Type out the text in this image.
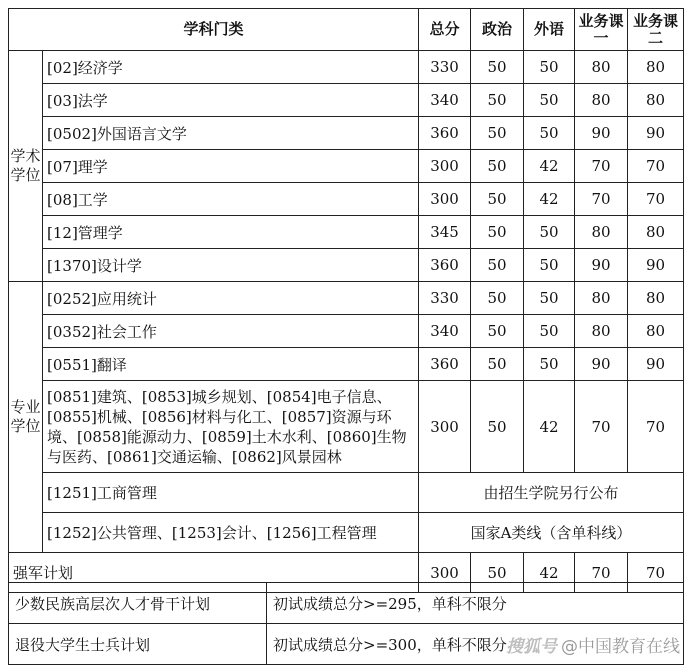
学科门类		总分	政治	外语	业务课一	业务课二
学术学位	[02]经济学	330	50	50	80	80
	[03]法学	340	50	50	80	80
	[0502]外国语言文学	360	50	50	90	90
	[07]理学	300	50	42	70	70
	[08]工学	300	50	42	70	70
	[12]管理学	345	50	50	80	80
	[1370]设计学	360	50	50	90	90
专业学位	[0252]应用统计	330	50	50	80	80
	[0352]社会工作	340	50	50	80	80
	[0551]翻译	360	50	50	90	90
	[0851]建筑、[0853]城乡规划、[0854]电子信息、[0855]机械、[0856]材料与化工、[0857]资源与环境、[0858]能源动力、[0859]土木水利、[0860]生物与医药、[0861]交通运输、[0862]风景园林	300	50	42	70	70
	[1251]工商管理	由招生学院另行公布				
	[1252]公共管理、[1253]会计、[1256]工程管理	国家A类线（含单科线）				
强军计划		300	50	42	70	70
少数民族高层次人才骨干计划	初试成绩总分>=295，单科不限分
退役大学生士兵计划	初试成绩总分>=300，单科不限分 搜狐号 @中国教育在线
